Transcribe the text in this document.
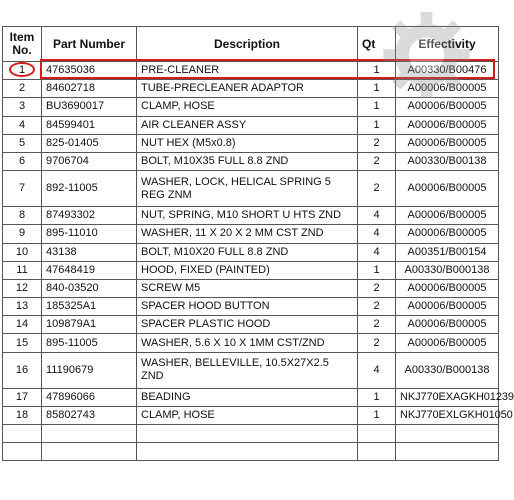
Item No.	Part Number	Description	Qt	Effectivity
1	47635036	PRE-CLEANER	1	A00330/B00476
2	84602718	TUBE-PRECLEANER ADAPTOR	1	A00006/B00005
3	BU3690017	CLAMP, HOSE	1	A00006/B00005
4	84599401	AIR CLEANER ASSY	1	A00006/B00005
5	825-01405	NUT HEX (M5x0.8)	2	A00006/B00005
6	9706704	BOLT, M10X35 FULL 8.8 ZND	2	A00330/B00138
7	892-11005	WASHER, LOCK, HELICAL SPRING 5 REG ZNM	2	A00006/B00005
8	87493302	NUT, SPRING, M10 SHORT U HTS ZND	4	A00006/B00005
9	895-11010	WASHER, 11 X 20 X 2 MM CST ZND	4	A00006/B00005
10	43138	BOLT, M10X20 FULL 8.8 ZND	4	A00351/B00154
11	47648419	HOOD, FIXED (PAINTED)	1	A00330/B000138
12	840-03520	SCREW M5	2	A00006/B00005
13	185325A1	SPACER HOOD BUTTON	2	A00006/B00005
14	109879A1	SPACER PLASTIC HOOD	2	A00006/B00005
15	895-11005	WASHER, 5.6 X 10 X 1MM CST/ZND	2	A00006/B00005
16	11190679	WASHER, BELLEVILLE, 10.5X27X2.5 ZND	4	A00330/B000138
17	47896066	BEADING	1	NKJ770EXAGKH01239
18	85802743	CLAMP, HOSE	1	NKJ770EXLGKH01050
